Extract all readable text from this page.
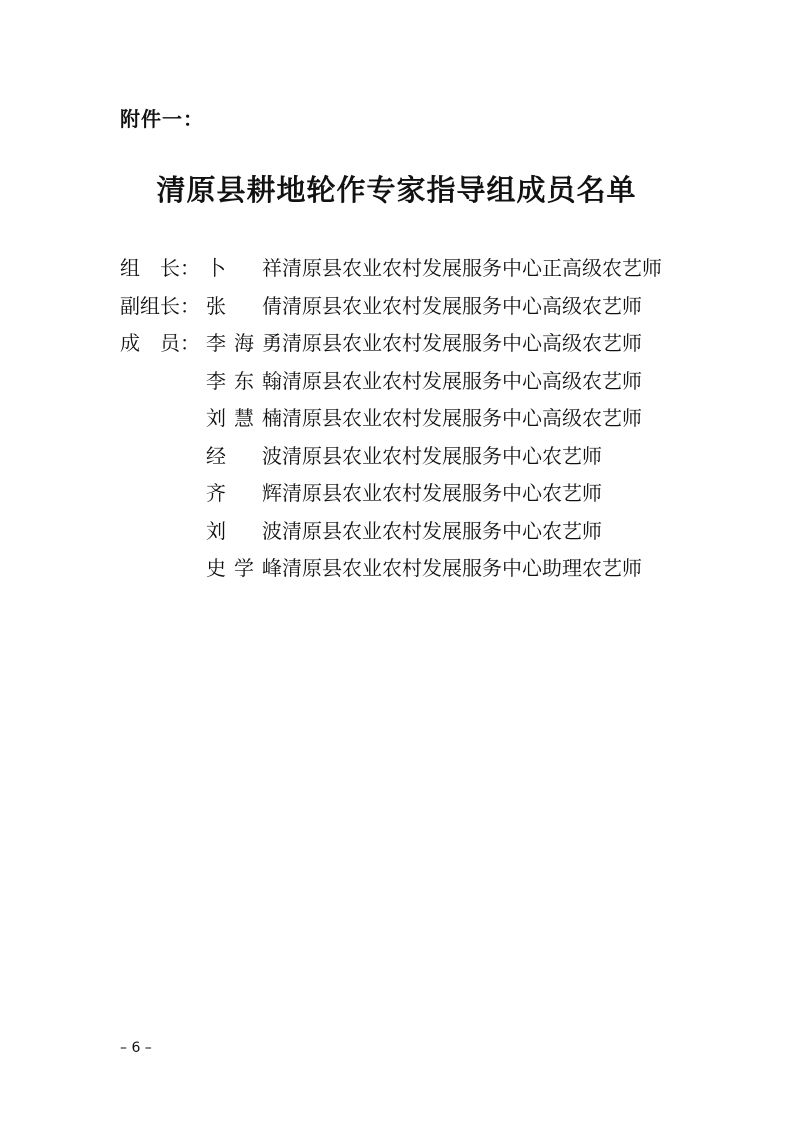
附件一：
清原县耕地轮作专家指导组成员名单
组　长： 卜　祥 清原县农业农村发展服务中心正高级农艺师
副组长： 张　倩 清原县农业农村发展服务中心高级农艺师
成　员： 李海勇 清原县农业农村发展服务中心高级农艺师
李东翰 清原县农业农村发展服务中心高级农艺师
刘慧楠 清原县农业农村发展服务中心高级农艺师
经　波 清原县农业农村发展服务中心农艺师
齐　辉 清原县农业农村发展服务中心农艺师
刘　波 清原县农业农村发展服务中心农艺师
史学峰 清原县农业农村发展服务中心助理农艺师
– 6 –
